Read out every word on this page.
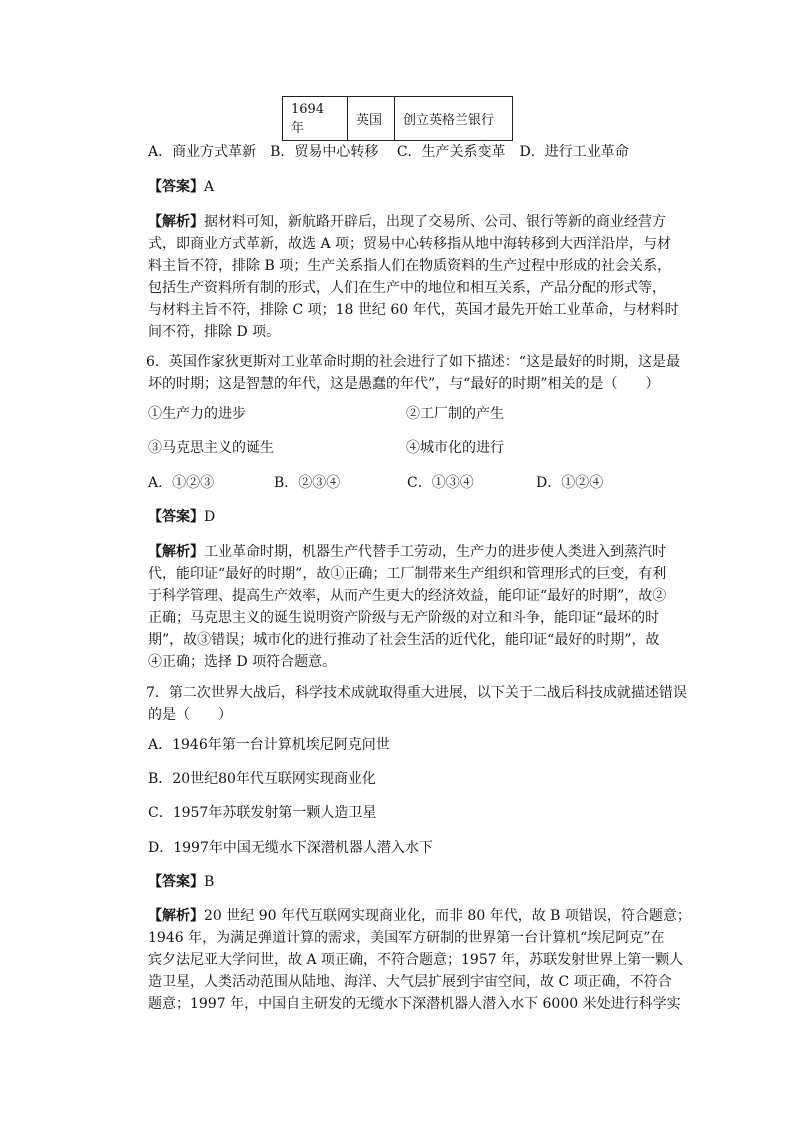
1694 年	英国	创立英格兰银行
A．商业方式革新　B．贸易中心转移　 C．生产关系变革　D．进行工业革命
【答案】A
【解析】据材料可知，新航路开辟后，出现了交易所、公司、银行等新的商业经营方
式，即商业方式革新，故选 A 项；贸易中心转移指从地中海转移到大西洋沿岸，与材
料主旨不符，排除 B 项；生产关系指人们在物质资料的生产过程中形成的社会关系，
包括生产资料所有制的形式，人们在生产中的地位和相互关系，产品分配的形式等，
与材料主旨不符，排除 C 项；18 世纪 60 年代，英国才最先开始工业革命，与材料时
间不符，排除 D 项。
6．英国作家狄更斯对工业革命时期的社会进行了如下描述：“这是最好的时期，这是最
坏的时期；这是智慧的年代，这是愚蠢的年代”，与“最好的时期”相关的是（　　）
①生产力的进步	②工厂制的产生
③马克思主义的诞生	④城市化的进行
A．①②③	B．②③④	C．①③④	D．①②④
【答案】D
【解析】工业革命时期，机器生产代替手工劳动，生产力的进步使人类进入到蒸汽时
代，能印证“最好的时期”，故①正确；工厂制带来生产组织和管理形式的巨变，有利
于科学管理、提高生产效率，从而产生更大的经济效益，能印证“最好的时期”，故②
正确；马克思主义的诞生说明资产阶级与无产阶级的对立和斗争，能印证“最坏的时
期”，故③错误；城市化的进行推动了社会生活的近代化，能印证“最好的时期”，故
④正确；选择 D 项符合题意。
7．第二次世界大战后，科学技术成就取得重大进展，以下关于二战后科技成就描述错误
的是（　　）
A．1946年第一台计算机埃尼阿克问世
B．20世纪80年代互联网实现商业化
C．1957年苏联发射第一颗人造卫星
D．1997年中国无缆水下深潜机器人潜入水下
【答案】B
【解析】20 世纪 90 年代互联网实现商业化，而非 80 年代，故 B 项错误，符合题意；
1946 年，为满足弹道计算的需求，美国军方研制的世界第一台计算机“埃尼阿克”在
宾夕法尼亚大学问世，故 A 项正确，不符合题意；1957 年，苏联发射世界上第一颗人
造卫星，人类活动范围从陆地、海洋、大气层扩展到宇宙空间，故 C 项正确，不符合
题意；1997 年，中国自主研发的无缆水下深潜机器人潜入水下 6000 米处进行科学实
